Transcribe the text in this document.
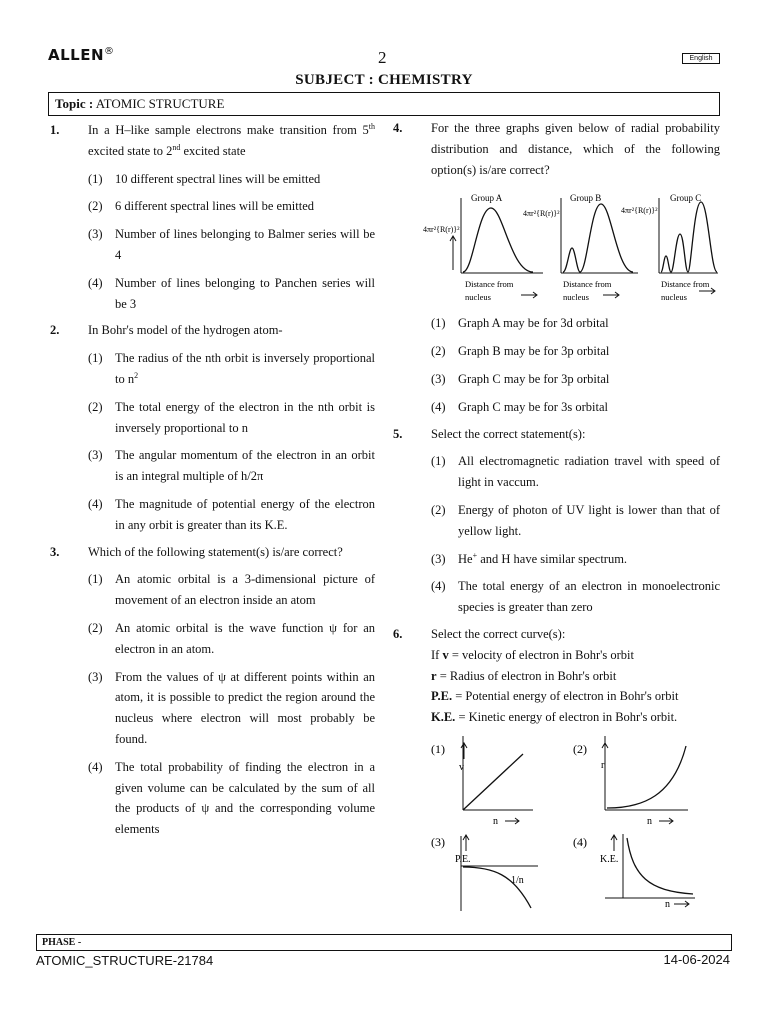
ALLEN®	2	English
SUBJECT : CHEMISTRY
Topic : ATOMIC STRUCTURE
1. In a H–like sample electrons make transition from 5th excited state to 2nd excited state
(1) 10 different spectral lines will be emitted
(2) 6 different spectral lines will be emitted
(3) Number of lines belonging to Balmer series will be 4
(4) Number of lines belonging to Panchen series will be 3
2. In Bohr's model of the hydrogen atom-
(1) The radius of the nth orbit is inversely proportional to $n^2$
(2) The total energy of the electron in the nth orbit is inversely proportional to n
(3) The angular momentum of the electron in an orbit is an integral multiple of h/2π
(4) The magnitude of potential energy of the electron in any orbit is greater than its K.E.
3. Which of the following statement(s) is/are correct?
(1) An atomic orbital is a 3-dimensional picture of movement of an electron inside an atom
(2) An atomic orbital is the wave function ψ for an electron in an atom.
(3) From the values of ψ at different points within an atom, it is possible to predict the region around the nucleus where electron will most probably be found.
(4) The total probability of finding the electron in a given volume can be calculated by the sum of all the products of ψ and the corresponding volume elements
4. For the three graphs given below of radial probability distribution and distance, which of the following option(s) is/are correct?
Group A
4πr²{R(r)}²
Distance from
nucleus
Group B
4πr²{R(r)}²
Distance from
nucleus
Group C
4πr²{R(r)}²
Distance from
nucleus
(1) Graph A may be for 3d orbital
(2) Graph B may be for 3p orbital
(3) Graph C may be for 3p orbital
(4) Graph C may be for 3s orbital
5. Select the correct statement(s):
(1) All electromagnetic radiation travel with speed of light in vaccum.
(2) Energy of photon of UV light is lower than that of yellow light.
(3) He+ and H have similar spectrum.
(4) The total energy of an electron in monoelectronic species is greater than zero
6.	Select the correct curve(s):
If v = velocity of electron in Bohr's orbit
r = Radius of electron in Bohr's orbit
P.E. = Potential energy of electron in Bohr's orbit
K.E. = Kinetic energy of electron in Bohr's orbit.
(1)
v
n
(2)
r
n
(3)
P.E.
1/n
(4)
K.E.
n
PHASE -
ATOMIC_STRUCTURE-21784	14-06-2024
